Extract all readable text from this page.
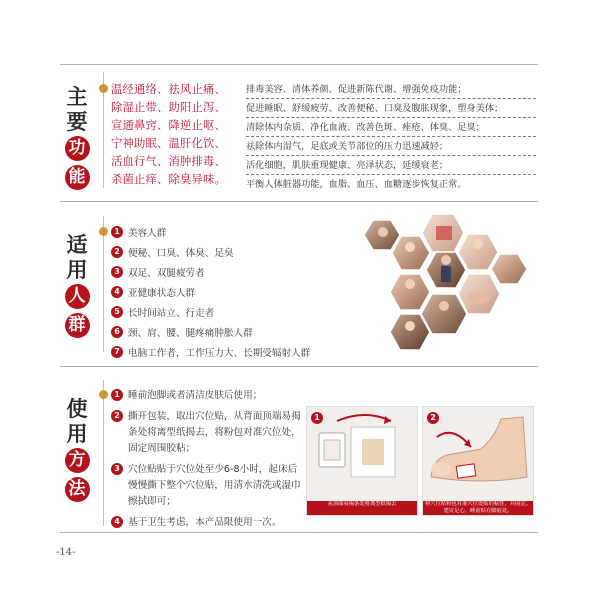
主
要
功
能
温经通络、祛风止痛、
除湿止带、助阳止泻、
宣通鼻窍、降逆止呕、
宁神助眠、温肝化饮、
活血行气、消肿排毒、
杀菌止痒、除臭异味。
排毒美容、清体养颜、促进新陈代谢、增强免疫功能；
促进睡眠、舒缓疲劳、改善便秘、口臭及腹胀现象，塑身美体；
清除体内杂质、净化血液、改善色斑、痤疮、体臭、足臭；
祛除体内湿气，足底或关节部位的压力迅速减轻；
活化细胞，肌肤重现健康、亮泽状态，延缓衰老；
平衡人体脏器功能，血脂、血压、血糖逐步恢复正常。
适
用
人
群
1 美容人群
2 便秘、口臭、体臭、足臭
3 双足、双腿疲劳者
4 亚健康状态人群
5 长时间站立、行走者
6 颈、肩、腰、腿疼痛肿胀人群
7 电脑工作者，工作压力大、长期受辐射人群
使
用
方
法
1 睡前泡脚或者清洁皮肤后使用；
2 撕开包装，取出穴位贴，从背面顶端易揭条处将离型纸揭去，将粉包对准穴位处，固定周围胶粘；
3 穴位贴贴于穴位处至少6-8小时，起床后慢慢撕下整个穴位贴，用清水清洗或湿巾擦拭即可；
4 基于卫生考虑，本产品限使用一次。
从顶端易揭条处将离型纸揭去
1
将穴位贴粉包对准穴位处贴的粘性，并固定。建议足心，睡前贴在脚底处。
2
-14-
